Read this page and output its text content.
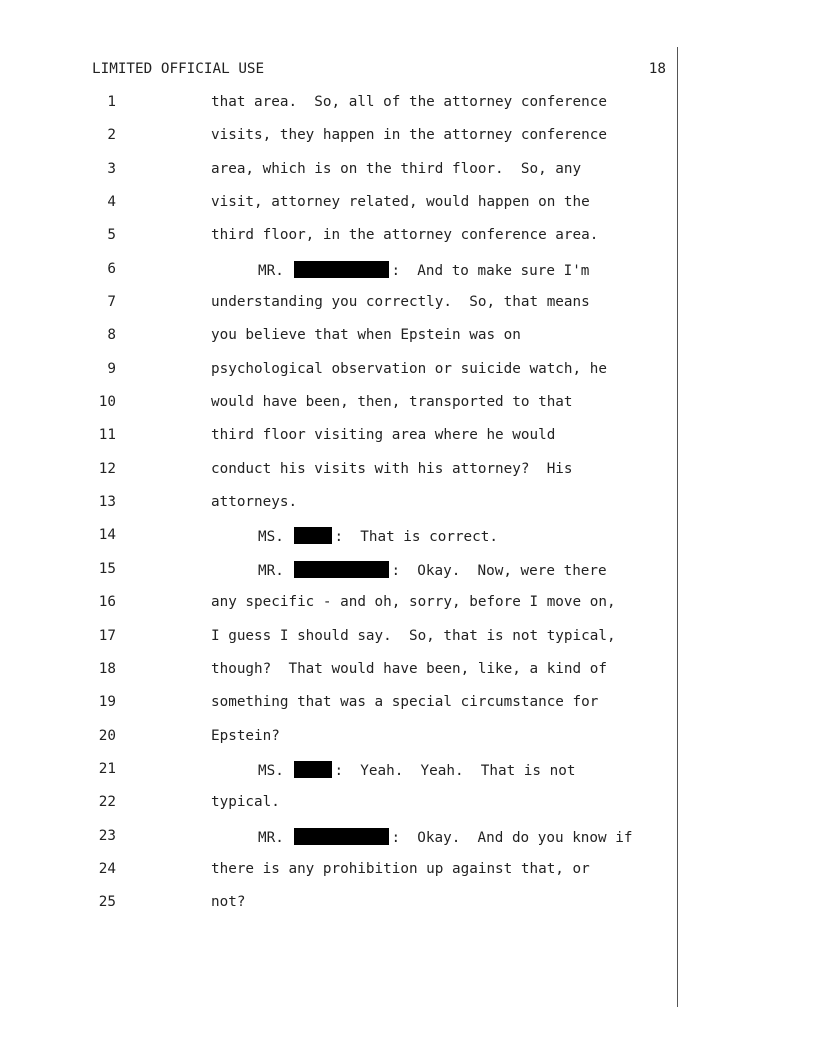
LIMITED OFFICIAL USE	18
1	that area.  So, all of the attorney conference
2	visits, they happen in the attorney conference
3	area, which is on the third floor.  So, any
4	visit, attorney related, would happen on the
5	third floor, in the attorney conference area.
6	MR.	:  And to make sure I'm
7	understanding you correctly.  So, that means
8	you believe that when Epstein was on
9	psychological observation or suicide watch, he
10	would have been, then, transported to that
11	third floor visiting area where he would
12	conduct his visits with his attorney?  His
13	attorneys.
14	MS.	:  That is correct.
15	MR.	:  Okay.  Now, were there
16	any specific - and oh, sorry, before I move on,
17	I guess I should say.  So, that is not typical,
18	though?  That would have been, like, a kind of
19	something that was a special circumstance for
20	Epstein?
21	MS.	:  Yeah.  Yeah.  That is not
22	typical.
23	MR.	:  Okay.  And do you know if
24	there is any prohibition up against that, or
25	not?
